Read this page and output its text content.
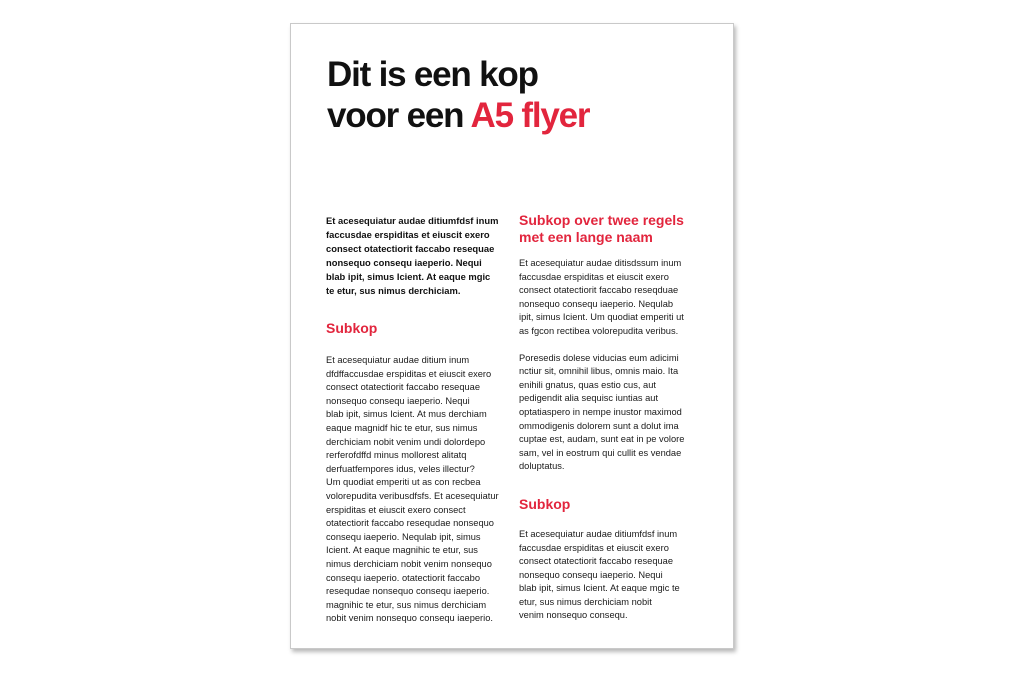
Dit is een kop
voor een A5 flyer

Et acesequiatur audae ditiumfdsf inum
faccusdae erspiditas et eiuscit exero
consect otatectiorit faccabo resequae
nonsequo consequ iaeperio. Nequi
blab ipit, simus Icient. At eaque mgic
te etur, sus nimus derchiciam.

Subkop

Et acesequiatur audae ditium inum
dfdffaccusdae erspiditas et eiuscit exero
consect otatectiorit faccabo resequae
nonsequo consequ iaeperio. Nequi
blab ipit, simus Icient. At mus derchiam
eaque magnidf hic te etur, sus nimus
derchiciam nobit venim undi dolordepo
rerferofdffd minus mollorest alitatq
derfuatfempores idus, veles illectur?
Um quodiat emperiti ut as con recbea
volorepudita veribusdfsfs. Et acesequiatur
erspiditas et eiuscit exero consect
otatectiorit faccabo resequdae nonsequo
consequ iaeperio. Nequlab ipit, simus
Icient. At eaque magnihic te etur, sus
nimus derchiciam nobit venim nonsequo
consequ iaeperio. otatectiorit faccabo
resequdae nonsequo consequ iaeperio.
magnihic te etur, sus nimus derchiciam
nobit venim nonsequo consequ iaeperio.

Subkop over twee regels
met een lange naam

Et acesequiatur audae ditisdssum inum
faccusdae erspiditas et eiuscit exero
consect otatectiorit faccabo reseqduae
nonsequo consequ iaeperio. Nequlab
ipit, simus Icient. Um quodiat emperiti ut
as fgcon rectibea volorepudita veribus.

Poresedis dolese viducias eum adicimi
nctiur sit, omnihil libus, omnis maio. Ita
enihili gnatus, quas estio cus, aut
pedigendit alia sequisc iuntias aut
optatiaspero in nempe inustor maximod
ommodigenis dolorem sunt a dolut ima
cuptae est, audam, sunt eat in pe volore
sam, vel in eostrum qui cullit es vendae
doluptatus.

Subkop

Et acesequiatur audae ditiumfdsf inum
faccusdae erspiditas et eiuscit exero
consect otatectiorit faccabo resequae
nonsequo consequ iaeperio. Nequi
blab ipit, simus Icient. At eaque mgic te
etur, sus nimus derchiciam nobit
venim nonsequo consequ.
